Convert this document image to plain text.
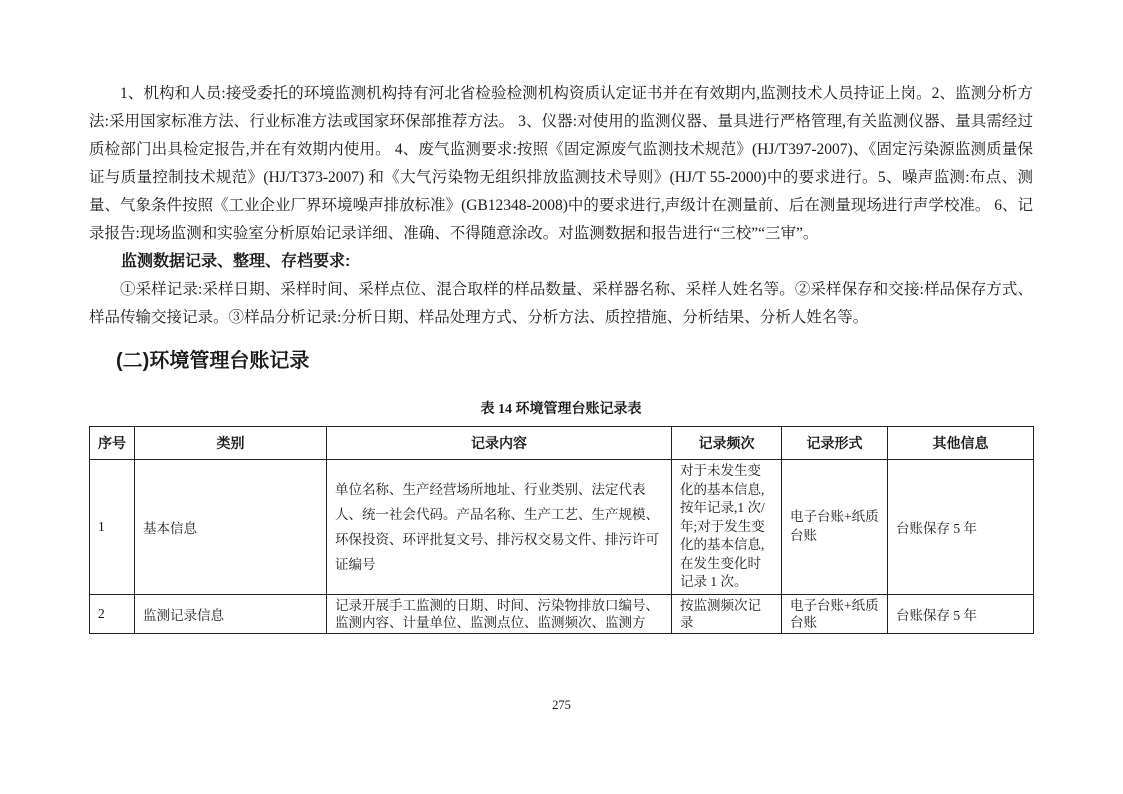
1、机构和人员:接受委托的环境监测机构持有河北省检验检测机构资质认定证书并在有效期内,监测技术人员持证上岗。2、监测分析方法:采用国家标准方法、行业标准方法或国家环保部推荐方法。 3、仪器:对使用的监测仪器、量具进行严格管理,有关监测仪器、量具需经过质检部门出具检定报告,并在有效期内使用。 4、废气监测要求:按照《固定源废气监测技术规范》(HJ/T397-2007)、《固定污染源监测质量保证与质量控制技术规范》(HJ/T373-2007) 和《大气污染物无组织排放监测技术导则》(HJ/T 55-2000)中的要求进行。5、噪声监测:布点、测量、气象条件按照《工业企业厂界环境噪声排放标准》(GB12348-2008)中的要求进行,声级计在测量前、后在测量现场进行声学校准。 6、记录报告:现场监测和实验室分析原始记录详细、准确、不得随意涂改。对监测数据和报告进行“三校”“三审”。

监测数据记录、整理、存档要求:

①采样记录:采样日期、采样时间、采样点位、混合取样的样品数量、采样器名称、采样人姓名等。②采样保存和交接:样品保存方式、样品传输交接记录。③样品分析记录:分析日期、样品处理方式、分析方法、质控措施、分析结果、分析人姓名等。

(二)环境管理台账记录

表 14 环境管理台账记录表

序号	类别	记录内容	记录频次	记录形式	其他信息
1	基本信息	单位名称、生产经营场所地址、行业类别、法定代表人、统一社会代码。产品名称、生产工艺、生产规模、环保投资、环评批复文号、排污权交易文件、排污许可证编号	对于未发生变化的基本信息,按年记录,1 次/年;对于发生变化的基本信息,在发生变化时记录 1 次。	电子台账+纸质台账	台账保存 5 年
2	监测记录信息	记录开展手工监测的日期、时间、污染物排放口编号、监测内容、计量单位、监测点位、监测频次、监测方	按监测频次记录	电子台账+纸质台账	台账保存 5 年
275
